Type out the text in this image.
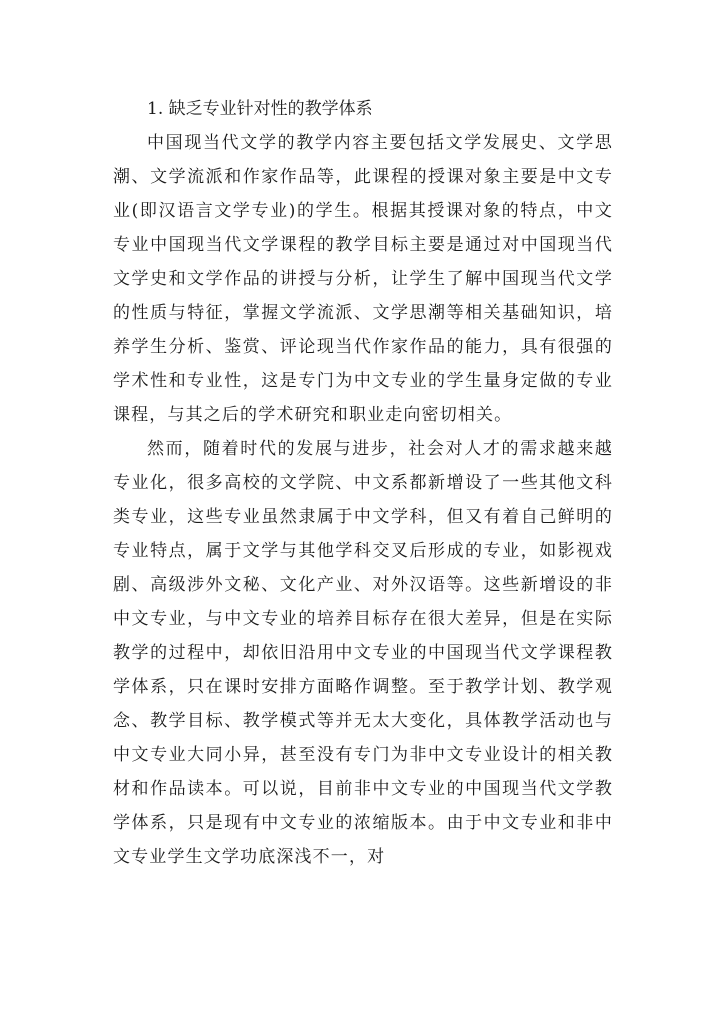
1. 缺乏专业针对性的教学体系

中国现当代文学的教学内容主要包括文学发展史、文学思潮、文学流派和作家作品等，此课程的授课对象主要是中文专业(即汉语言文学专业)的学生。根据其授课对象的特点，中文专业中国现当代文学课程的教学目标主要是通过对中国现当代文学史和文学作品的讲授与分析，让学生了解中国现当代文学的性质与特征，掌握文学流派、文学思潮等相关基础知识，培养学生分析、鉴赏、评论现当代作家作品的能力，具有很强的学术性和专业性，这是专门为中文专业的学生量身定做的专业课程，与其之后的学术研究和职业走向密切相关。

然而，随着时代的发展与进步，社会对人才的需求越来越专业化，很多高校的文学院、中文系都新增设了一些其他文科类专业，这些专业虽然隶属于中文学科，但又有着自己鲜明的专业特点，属于文学与其他学科交叉后形成的专业，如影视戏剧、高级涉外文秘、文化产业、对外汉语等。这些新增设的非中文专业，与中文专业的培养目标存在很大差异，但是在实际教学的过程中，却依旧沿用中文专业的中国现当代文学课程教学体系，只在课时安排方面略作调整。至于教学计划、教学观念、教学目标、教学模式等并无太大变化，具体教学活动也与中文专业大同小异，甚至没有专门为非中文专业设计的相关教材和作品读本。可以说，目前非中文专业的中国现当代文学教学体系，只是现有中文专业的浓缩版本。由于中文专业和非中文专业学生文学功底深浅不一，对
